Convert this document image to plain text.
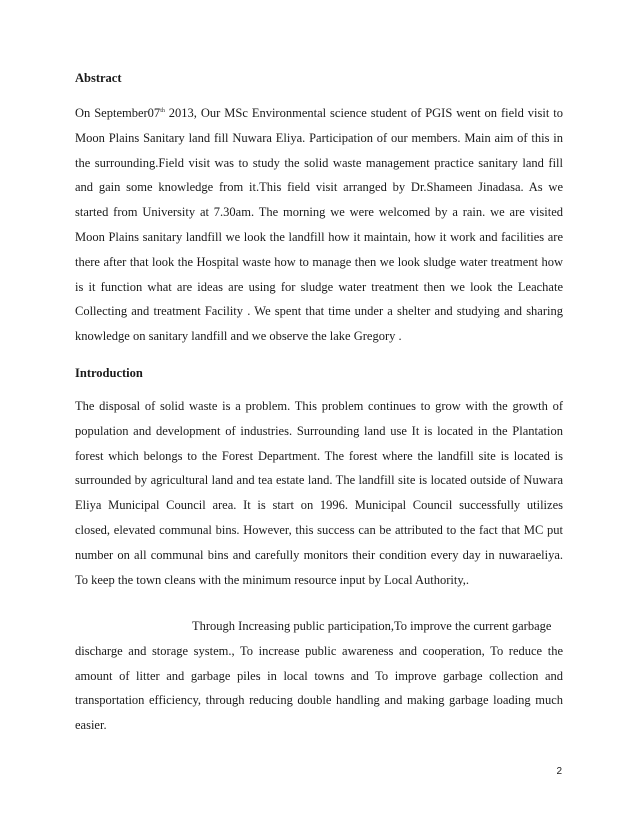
Abstract
On September07th 2013, Our MSc Environmental science student of PGIS went on field visit to
Moon Plains Sanitary land fill Nuwara Eliya. Participation of our members. Main aim of this in
the surrounding.Field visit was to study the solid waste management practice sanitary land fill
and gain some knowledge from it.This field visit arranged by Dr.Shameen Jinadasa. As we
started from University at 7.30am. The morning we were welcomed by a rain. we are visited
Moon Plains sanitary landfill we look the landfill how it maintain, how it work and facilities are
there after that look the Hospital waste how to manage then we look sludge water treatment how
is it function what are ideas are using for sludge water treatment then we look the Leachate
Collecting and treatment Facility . We spent that time under a shelter and studying and sharing
knowledge on sanitary landfill and we observe the lake Gregory .
Introduction
The disposal of solid waste is a problem. This problem continues to grow with the growth of
population and development of industries. Surrounding land use It is located in the Plantation
forest which belongs to the Forest Department. The forest where the landfill site is located is
surrounded by agricultural land and tea estate land. The landfill site is located outside of Nuwara
Eliya Municipal Council area. It is start on 1996. Municipal Council successfully utilizes
closed, elevated communal bins. However, this success can be attributed to the fact that MC put
number on all communal bins and carefully monitors their condition every day in nuwaraeliya.
To keep the town cleans with the minimum resource input by Local Authority,.
Through Increasing public participation,To improve the current garbage
discharge and storage system., To increase public awareness and cooperation, To reduce the
amount of litter and garbage piles in local towns and To improve garbage collection and
transportation efficiency, through reducing double handling and making garbage loading much
easier.
2
